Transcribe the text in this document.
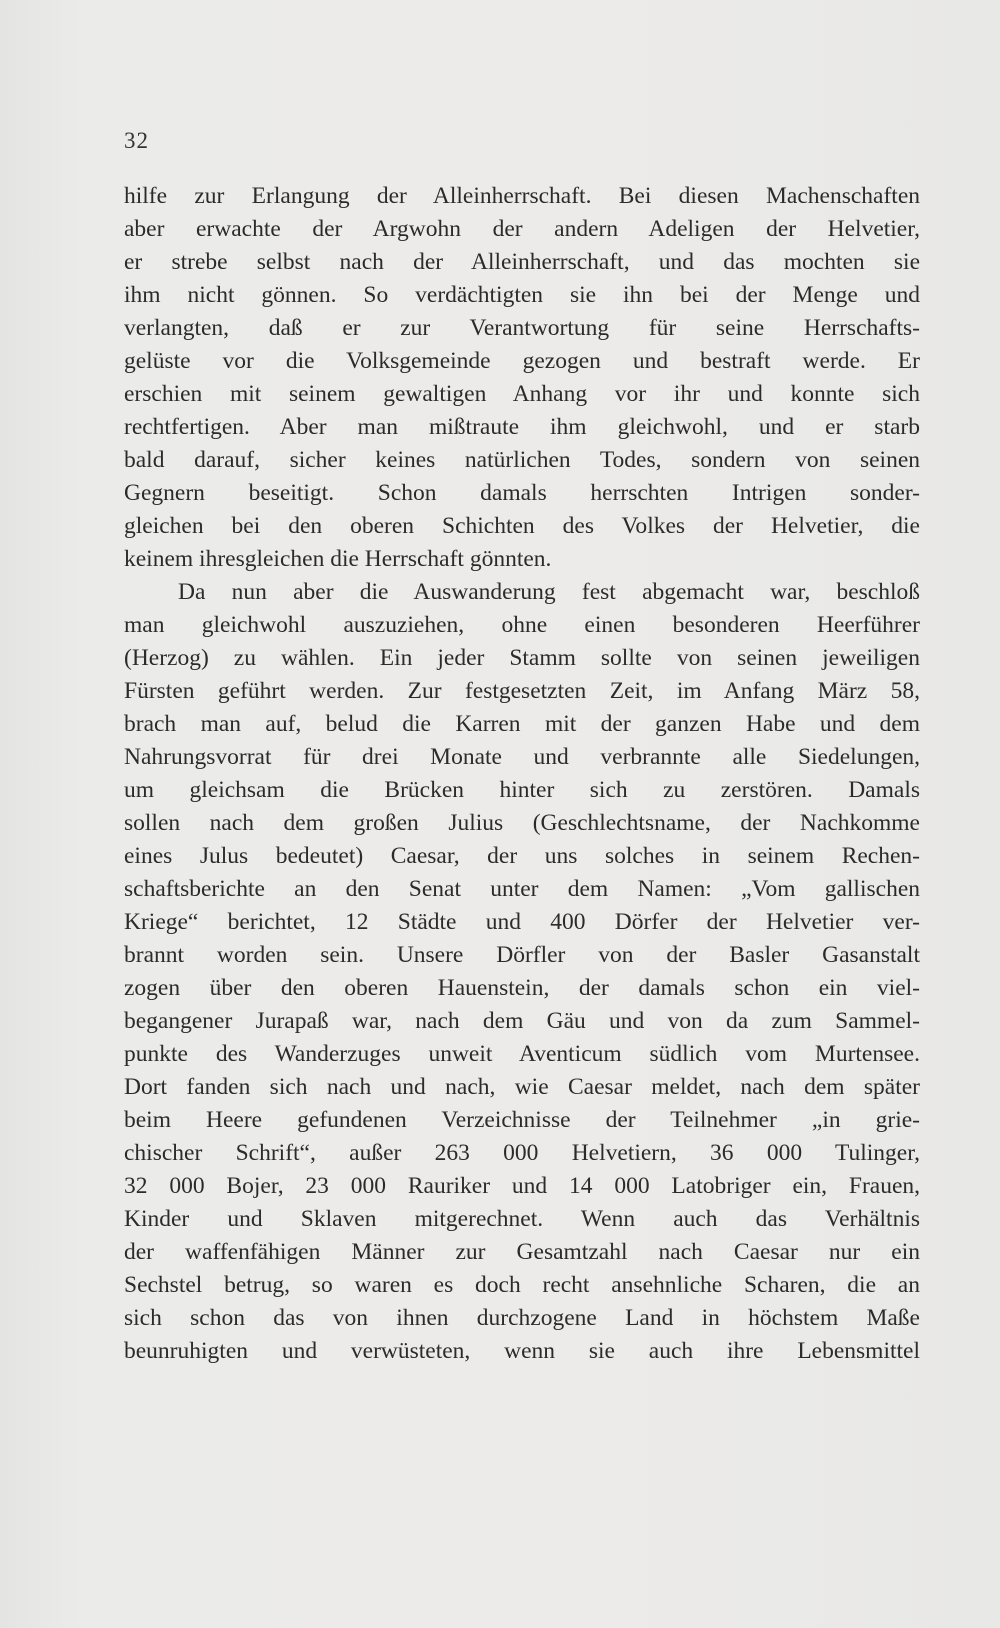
32
hilfe zur Erlangung der Alleinherrschaft. Bei diesen Machenschaften
aber erwachte der Argwohn der andern Adeligen der Helvetier,
er strebe selbst nach der Alleinherrschaft, und das mochten sie
ihm nicht gönnen. So verdächtigten sie ihn bei der Menge und
verlangten, daß er zur Verantwortung für seine Herrschafts-
gelüste vor die Volksgemeinde gezogen und bestraft werde. Er
erschien mit seinem gewaltigen Anhang vor ihr und konnte sich
rechtfertigen. Aber man mißtraute ihm gleichwohl, und er starb
bald darauf, sicher keines natürlichen Todes, sondern von seinen
Gegnern beseitigt. Schon damals herrschten Intrigen sonder-
gleichen bei den oberen Schichten des Volkes der Helvetier, die
keinem ihresgleichen die Herrschaft gönnten.
Da nun aber die Auswanderung fest abgemacht war, beschloß
man gleichwohl auszuziehen, ohne einen besonderen Heerführer
(Herzog) zu wählen. Ein jeder Stamm sollte von seinen jeweiligen
Fürsten geführt werden. Zur festgesetzten Zeit, im Anfang März 58,
brach man auf, belud die Karren mit der ganzen Habe und dem
Nahrungsvorrat für drei Monate und verbrannte alle Siedelungen,
um gleichsam die Brücken hinter sich zu zerstören. Damals
sollen nach dem großen Julius (Geschlechtsname, der Nachkomme
eines Julus bedeutet) Caesar, der uns solches in seinem Rechen-
schaftsberichte an den Senat unter dem Namen: „Vom gallischen
Kriege“ berichtet, 12 Städte und 400 Dörfer der Helvetier ver-
brannt worden sein. Unsere Dörfler von der Basler Gasanstalt
zogen über den oberen Hauenstein, der damals schon ein viel-
begangener Jurapaß war, nach dem Gäu und von da zum Sammel-
punkte des Wanderzuges unweit Aventicum südlich vom Murtensee.
Dort fanden sich nach und nach, wie Caesar meldet, nach dem später
beim Heere gefundenen Verzeichnisse der Teilnehmer „in grie-
chischer Schrift“, außer 263 000 Helvetiern, 36 000 Tulinger,
32 000 Bojer, 23 000 Rauriker und 14 000 Latobriger ein, Frauen,
Kinder und Sklaven mitgerechnet. Wenn auch das Verhältnis
der waffenfähigen Männer zur Gesamtzahl nach Caesar nur ein
Sechstel betrug, so waren es doch recht ansehnliche Scharen, die an
sich schon das von ihnen durchzogene Land in höchstem Maße
beunruhigten und verwüsteten, wenn sie auch ihre Lebensmittel
